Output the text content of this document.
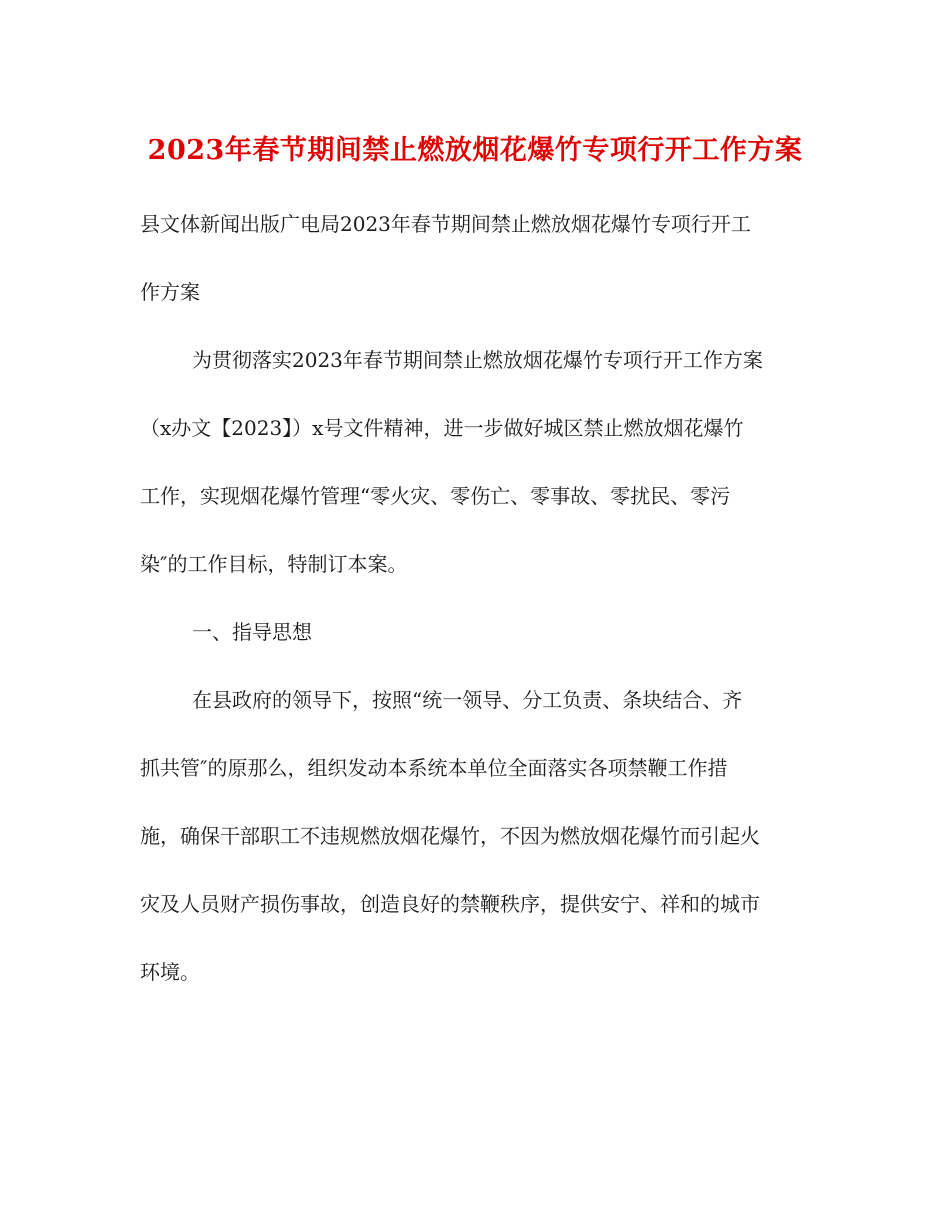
2023年春节期间禁止燃放烟花爆竹专项行开工作方案
县文体新闻出版广电局2023年春节期间禁止燃放烟花爆竹专项行开工
作方案
为贯彻落实2023年春节期间禁止燃放烟花爆竹专项行开工作方案
（x办文【2023】）x号文件精神，进一步做好城区禁止燃放烟花爆竹
工作，实现烟花爆竹管理“零火灾、零伤亡、零事故、零扰民、零污
染″的工作目标，特制订本案。
一、指导思想
在县政府的领导下，按照“统一领导、分工负责、条块结合、齐
抓共管″的原那么，组织发动本系统本单位全面落实各项禁鞭工作措
施，确保干部职工不违规燃放烟花爆竹，不因为燃放烟花爆竹而引起火
灾及人员财产损伤事故，创造良好的禁鞭秩序，提供安宁、祥和的城市
环境。
